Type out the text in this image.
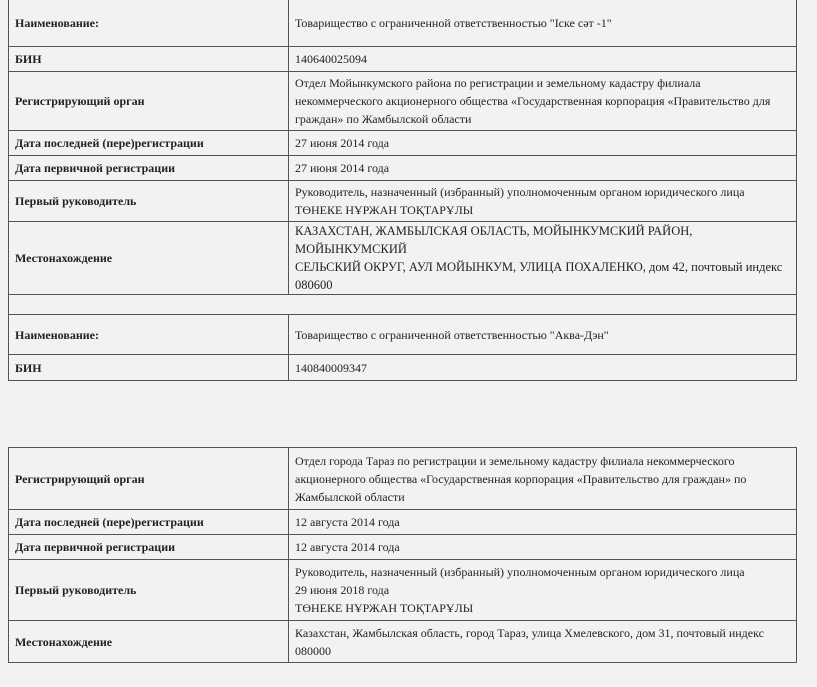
Наименование:	Товарищество с ограниченной ответственностью "Іске сәт -1"
БИН	140640025094
Регистрирующий орган	Отдел Мойынкумского района по регистрации и земельному кадастру филиала
некоммерческого акционерного общества «Государственная корпорация «Правительство для
граждан» по Жамбылской области

Дата последней (пере)регистрации	27 июня 2014 года
Дата первичной регистрации	27 июня 2014 года
Первый руководитель	Руководитель, назначенный (избранный) уполномоченным органом юридического лица
ТӨНЕКЕ НҰРЖАН ТОҚТАРҰЛЫ

Местонахождение	КАЗАХСТАН, ЖАМБЫЛСКАЯ ОБЛАСТЬ, МОЙЫНКУМСКИЙ РАЙОН, МОЙЫНКУМСКИЙ
СЕЛЬСКИЙ ОКРУГ, АУЛ МОЙЫНКУМ, УЛИЦА ПОХАЛЕНКО, дом 42, почтовый индекс
080600

Наименование:	Товарищество с ограниченной ответственностью "Аква-Дэн"
БИН	140840009347
Регистрирующий орган	Отдел города Тараз по регистрации и земельному кадастру филиала некоммерческого
акционерного общества «Государственная корпорация «Правительство для граждан» по
Жамбылской области

Дата последней (пере)регистрации	12 августа 2014 года
Дата первичной регистрации	12 августа 2014 года
Первый руководитель	Руководитель, назначенный (избранный) уполномоченным органом юридического лица
29 июня 2018 года
ТӨНЕКЕ НҰРЖАН ТОҚТАРҰЛЫ

Местонахождение	Казахстан, Жамбылская область, город Тараз, улица Хмелевского, дом 31, почтовый индекс
080000
